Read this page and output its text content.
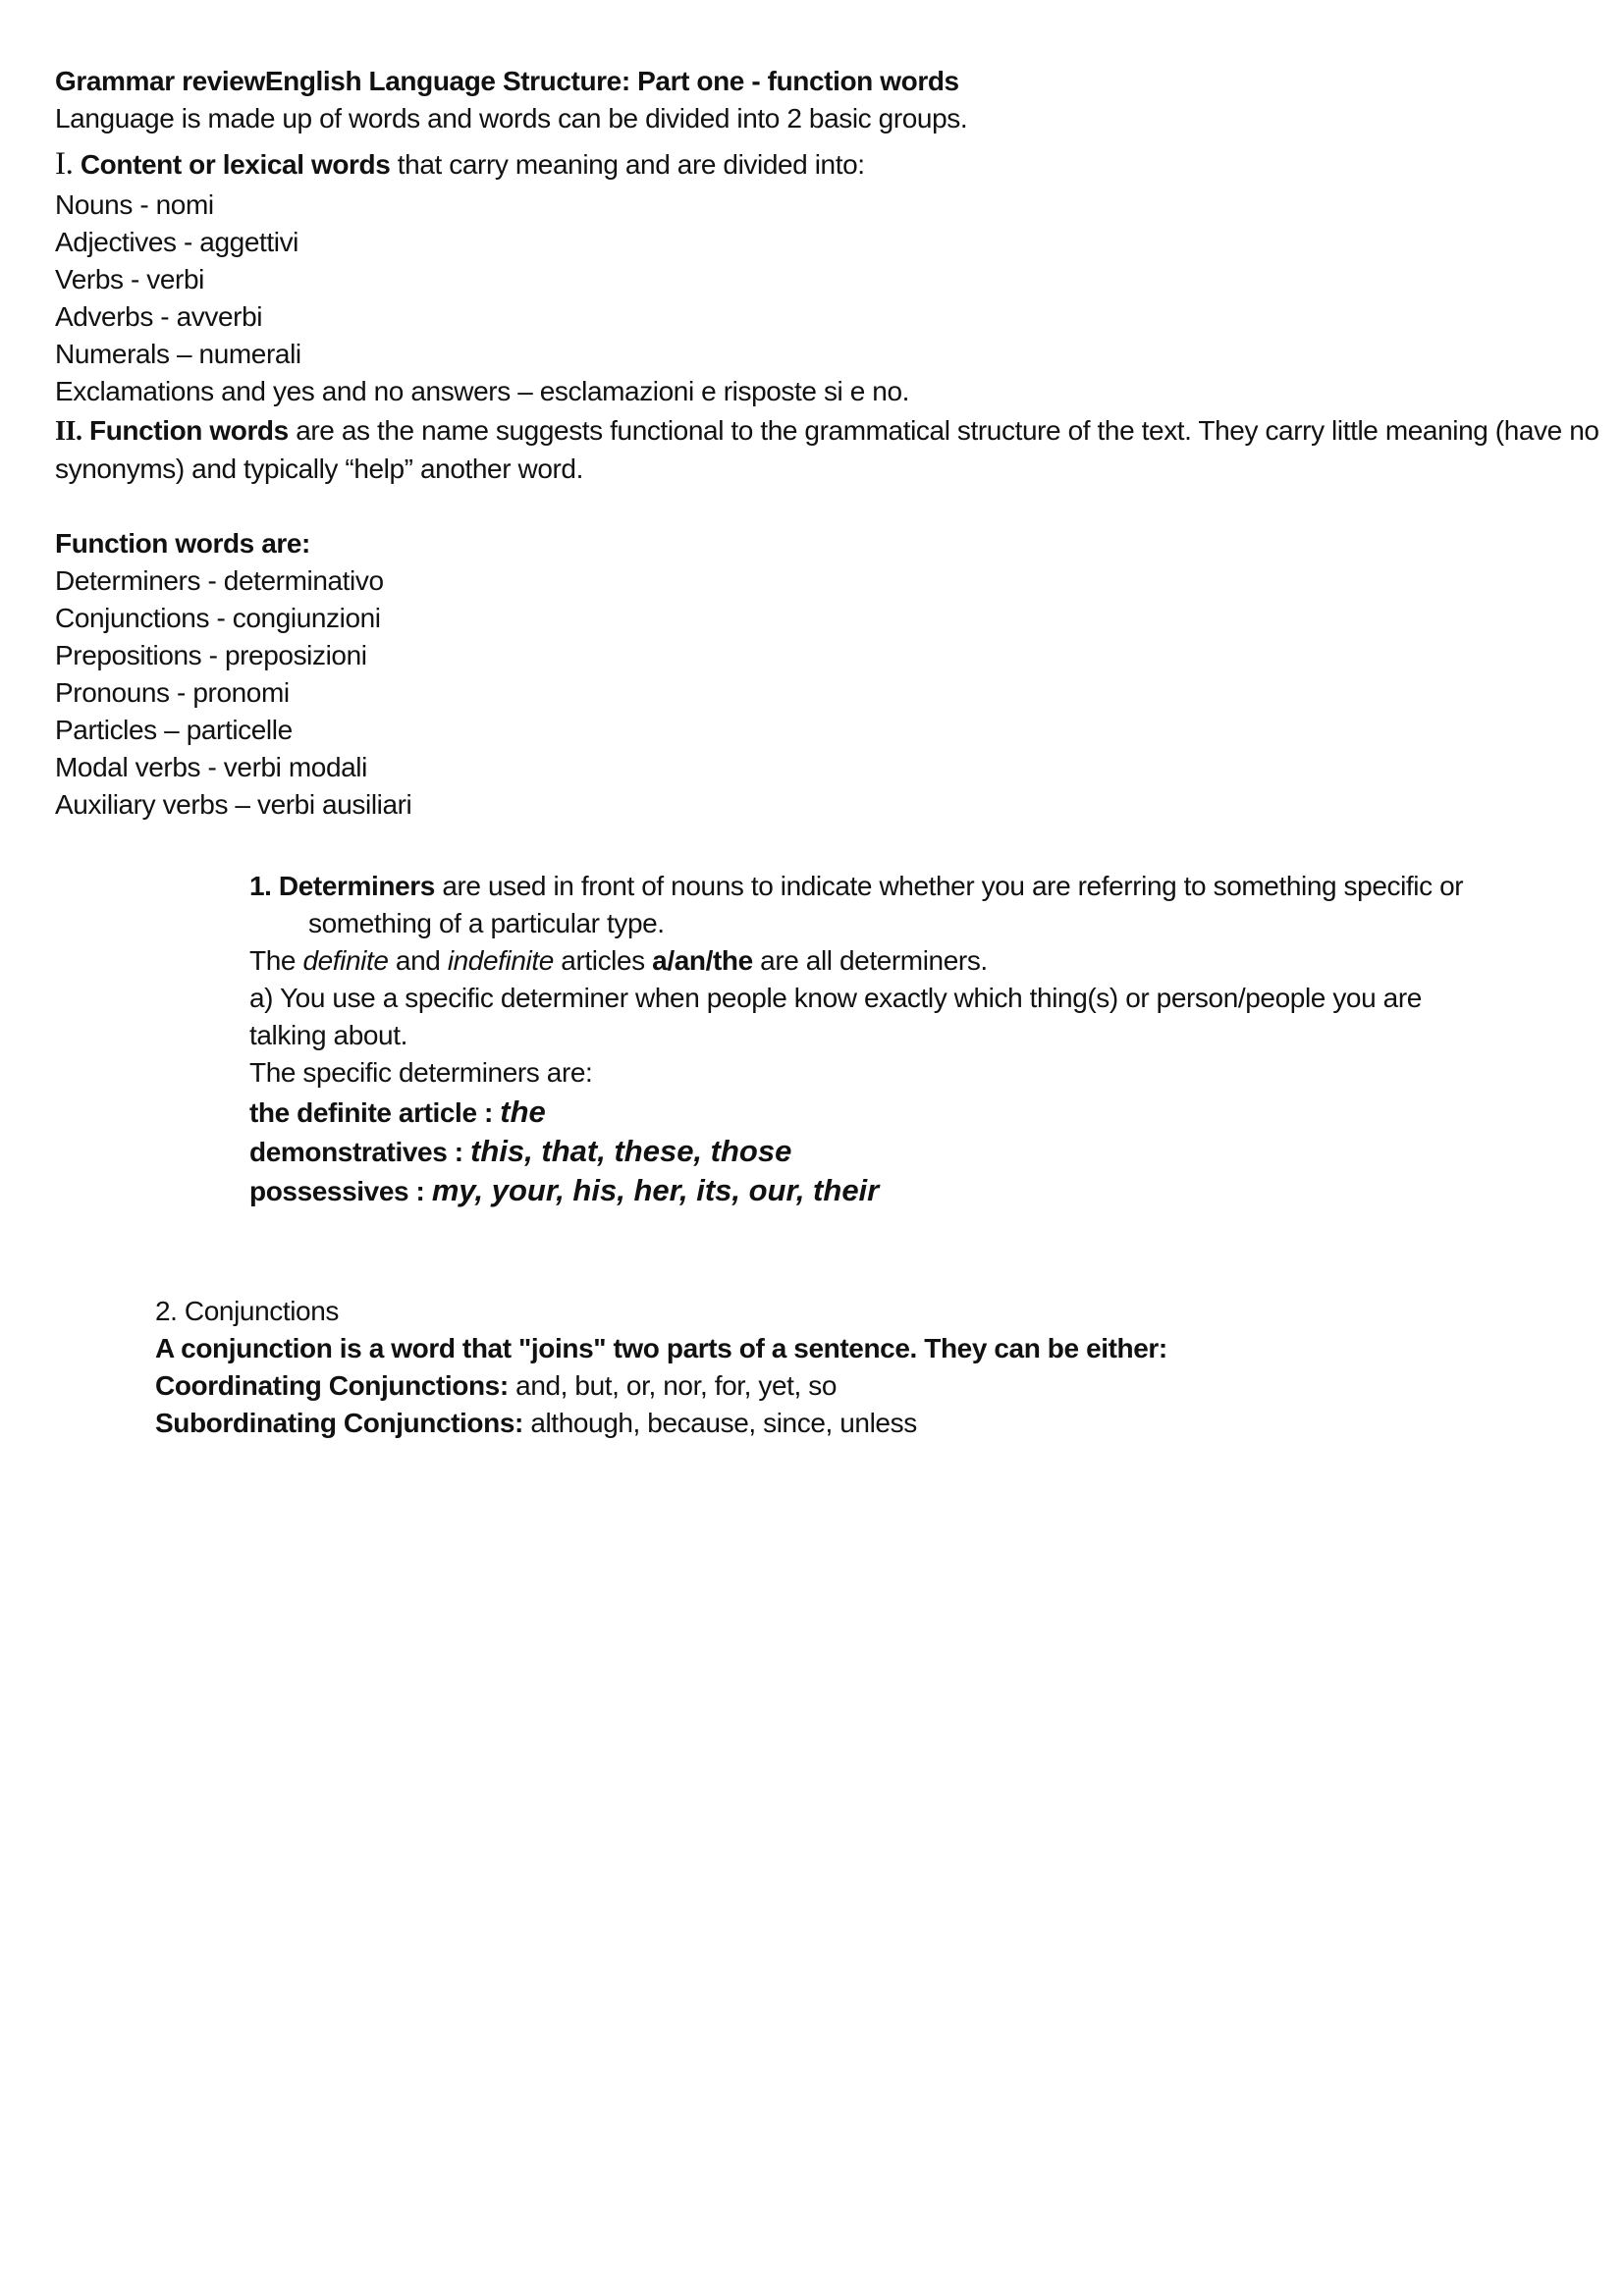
Grammar reviewEnglish Language Structure: Part one - function words
Language is made up of words and words can be divided into 2 basic groups.
I. Content or lexical words that carry meaning and are divided into:
Nouns - nomi
Adjectives - aggettivi
Verbs - verbi
Adverbs - avverbi
Numerals – numerali
Exclamations and yes and no answers – esclamazioni e risposte si e no.
II. Function words are as the name suggests functional to the grammatical structure of the text. They carry little meaning (have no
synonyms) and typically “help” another word.
Function words are:
Determiners - determinativo
Conjunctions - congiunzioni
Prepositions - preposizioni
Pronouns - pronomi
Particles – particelle
Modal verbs - verbi modali
Auxiliary verbs – verbi ausiliari
1. Determiners are used in front of nouns to indicate whether you are referring to something specific or
something of a particular type.
The definite and indefinite articles a/an/the are all determiners.
a) You use a specific determiner when people know exactly which thing(s) or person/people you are
talking about.
The specific determiners are:
the definite article : the
demonstratives : this, that, these, those
possessives : my, your, his, her, its, our, their
2. Conjunctions
A conjunction is a word that "joins" two parts of a sentence. They can be either:
Coordinating Conjunctions: and, but, or, nor, for, yet, so
Subordinating Conjunctions: although, because, since, unless
